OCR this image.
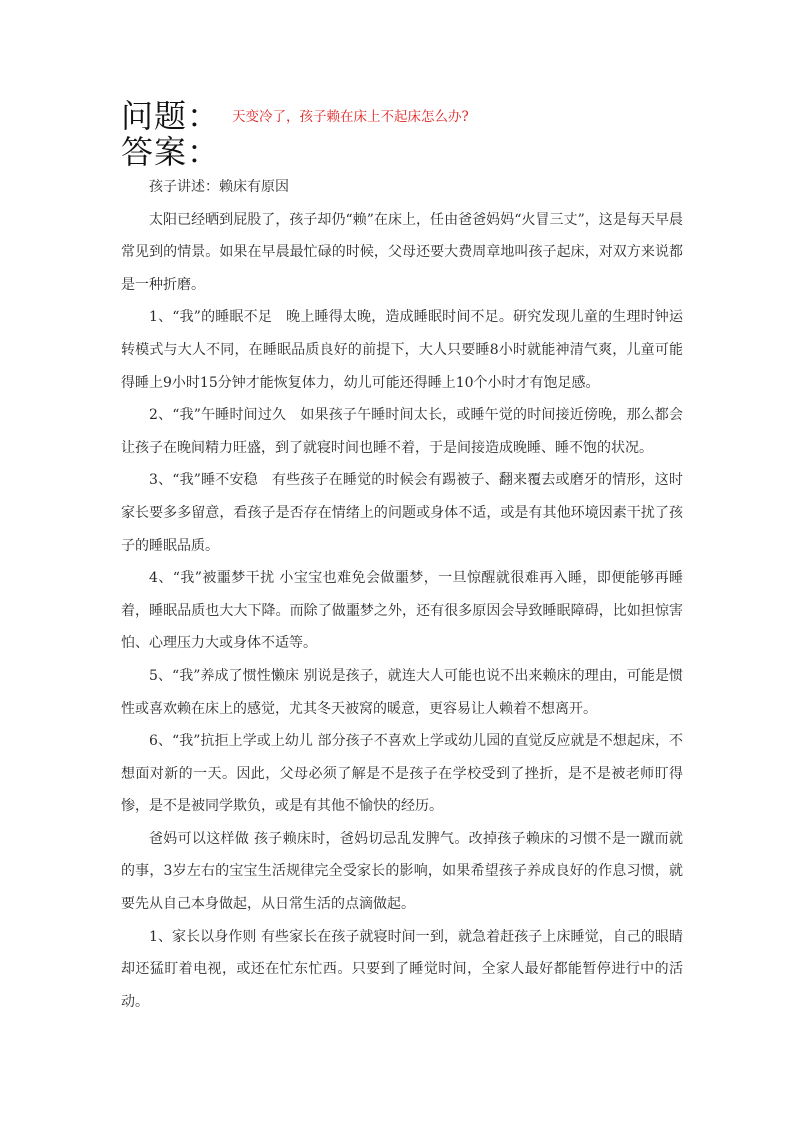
问题： 天变冷了，孩子赖在床上不起床怎么办?
答案：

孩子讲述：赖床有原因

太阳已经晒到屁股了，孩子却仍“赖”在床上，任由爸爸妈妈“火冒三丈”，这是每天早晨常见到的情景。如果在早晨最忙碌的时候，父母还要大费周章地叫孩子起床，对双方来说都是一种折磨。

1、“我”的睡眠不足　晚上睡得太晚，造成睡眠时间不足。研究发现儿童的生理时钟运转模式与大人不同，在睡眠品质良好的前提下，大人只要睡8小时就能神清气爽，儿童可能得睡上9小时15分钟才能恢复体力，幼儿可能还得睡上10个小时才有饱足感。

2、“我”午睡时间过久　如果孩子午睡时间太长，或睡午觉的时间接近傍晚，那么都会让孩子在晚间精力旺盛，到了就寝时间也睡不着，于是间接造成晚睡、睡不饱的状况。

3、“我”睡不安稳　有些孩子在睡觉的时候会有踢被子、翻来覆去或磨牙的情形，这时家长要多多留意，看孩子是否存在情绪上的问题或身体不适，或是有其他环境因素干扰了孩子的睡眠品质。

4、“我”被噩梦干扰 小宝宝也难免会做噩梦，一旦惊醒就很难再入睡，即便能够再睡着，睡眠品质也大大下降。而除了做噩梦之外，还有很多原因会导致睡眠障碍，比如担惊害怕、心理压力大或身体不适等。

5、“我”养成了惯性懒床 别说是孩子，就连大人可能也说不出来赖床的理由，可能是惯性或喜欢赖在床上的感觉，尤其冬天被窝的暖意，更容易让人赖着不想离开。

6、“我”抗拒上学或上幼儿 部分孩子不喜欢上学或幼儿园的直觉反应就是不想起床，不想面对新的一天。因此，父母必须了解是不是孩子在学校受到了挫折，是不是被老师盯得惨，是不是被同学欺负，或是有其他不愉快的经历。

爸妈可以这样做 孩子赖床时，爸妈切忌乱发脾气。改掉孩子赖床的习惯不是一蹴而就的事，3岁左右的宝宝生活规律完全受家长的影响，如果希望孩子养成良好的作息习惯，就要先从自己本身做起，从日常生活的点滴做起。

1、家长以身作则 有些家长在孩子就寝时间一到，就急着赶孩子上床睡觉，自己的眼睛却还猛盯着电视，或还在忙东忙西。只要到了睡觉时间，全家人最好都能暂停进行中的活动。
